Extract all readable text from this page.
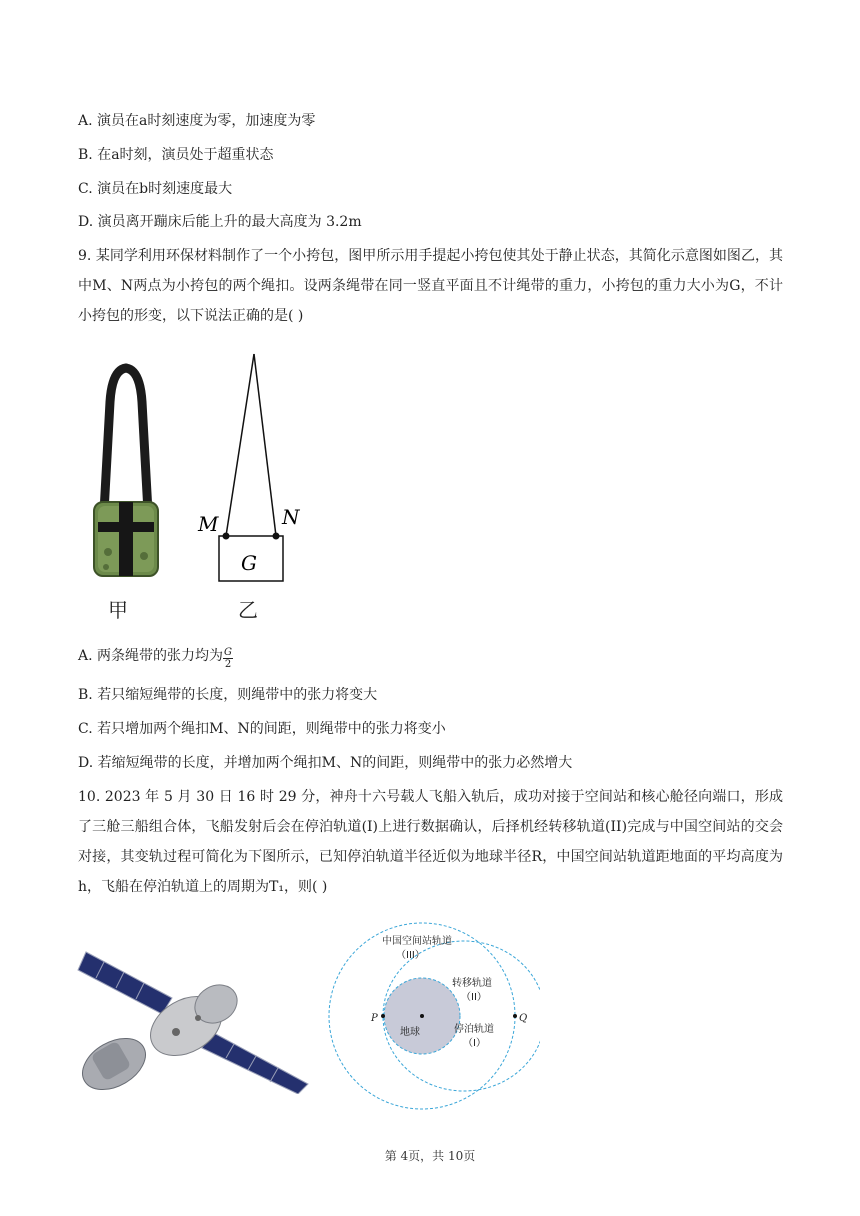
A. 演员在a时刻速度为零，加速度为零
B. 在a时刻，演员处于超重状态
C. 演员在b时刻速度最大
D. 演员离开蹦床后能上升的最大高度为 3.2m
9. 某同学利用环保材料制作了一个小挎包，图甲所示用手提起小挎包使其处于静止状态，其简化示意图如图乙，其中M、N两点为小挎包的两个绳扣。设两条绳带在同一竖直平面且不计绳带的重力，小挎包的重力大小为G，不计小挎包的形变，以下说法正确的是( )
甲
M	N
G
乙
A. 两条绳带的张力均为 $\frac{G}{2}$
B. 若只缩短绳带的长度，则绳带中的张力将变大
C. 若只增加两个绳扣M、N的间距，则绳带中的张力将变小
D. 若缩短绳带的长度，并增加两个绳扣M、N的间距，则绳带中的张力必然增大
10. 2023 年 5 月 30 日 16 时 29 分，神舟十六号载人飞船入轨后，成功对接于空间站和核心舱径向端口，形成了三舱三船组合体，飞船发射后会在停泊轨道(I)上进行数据确认，后择机经转移轨道(II)完成与中国空间站的交会对接，其变轨过程可简化为下图所示，已知停泊轨道半径近似为地球半径R，中国空间站轨道距地面的平均高度为h，飞船在停泊轨道上的周期为T₁，则( )
中国空间站轨道
（III）
转移轨道
（II）
停泊轨道
（I）
地球
P	Q
第 4页，共 10页
